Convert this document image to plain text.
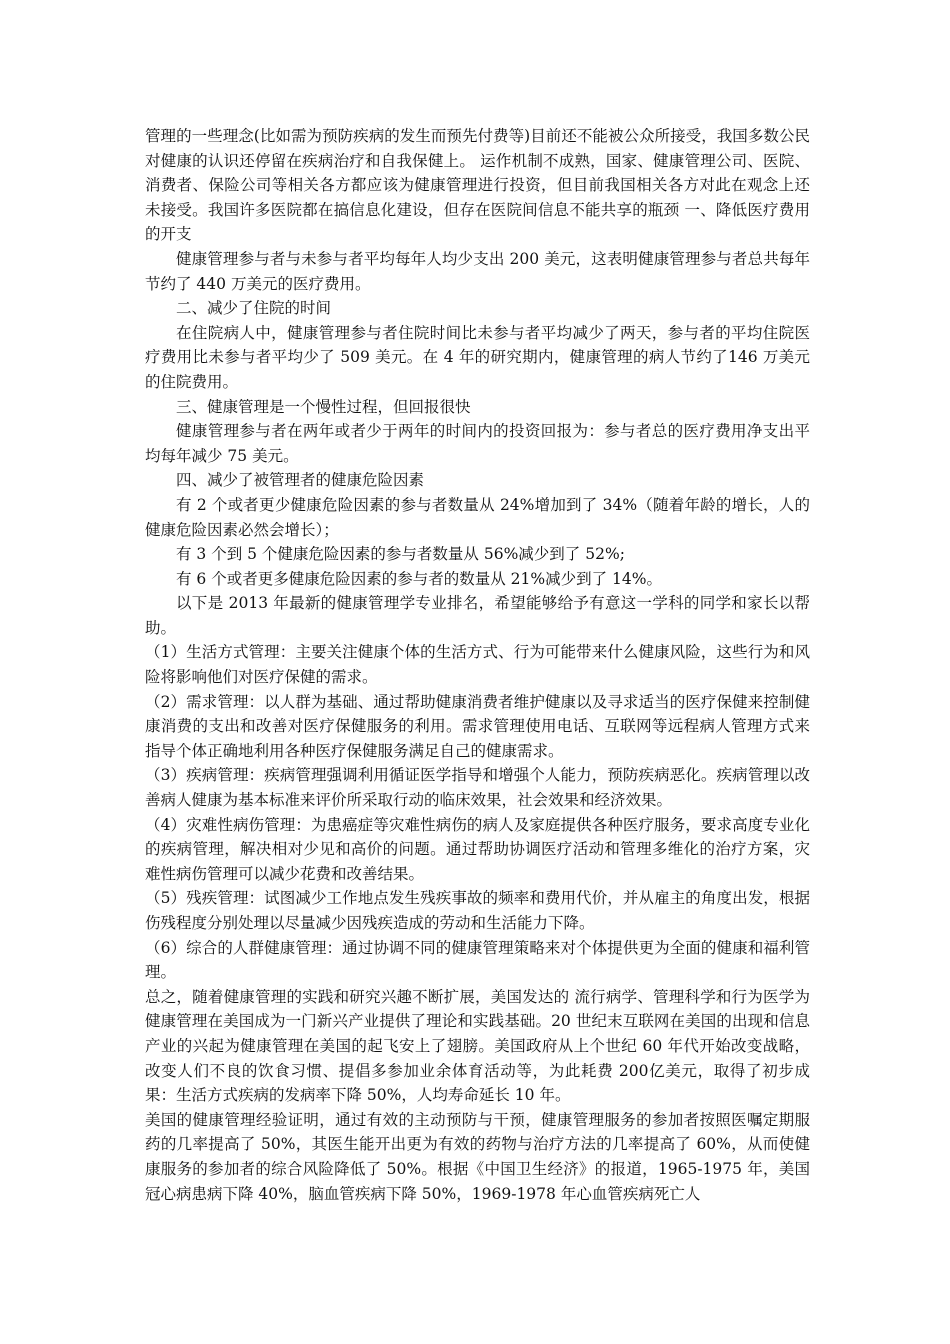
管理的一些理念(比如需为预防疾病的发生而预先付费等)目前还不能被公众所接受，我国多数公民对健康的认识还停留在疾病治疗和自我保健上。 运作机制不成熟，国家、健康管理公司、医院、消费者、保险公司等相关各方都应该为健康管理进行投资，但目前我国相关各方对此在观念上还未接受。我国许多医院都在搞信息化建设，但存在医院间信息不能共享的瓶颈 一、降低医疗费用的开支

健康管理参与者与未参与者平均每年人均少支出 200 美元，这表明健康管理参与者总共每年节约了 440 万美元的医疗费用。

二、减少了住院的时间

在住院病人中，健康管理参与者住院时间比未参与者平均减少了两天，参与者的平均住院医疗费用比未参与者平均少了 509 美元。在 4 年的研究期内，健康管理的病人节约了146 万美元的住院费用。

三、健康管理是一个慢性过程，但回报很快

健康管理参与者在两年或者少于两年的时间内的投资回报为：参与者总的医疗费用净支出平均每年减少 75 美元。

四、减少了被管理者的健康危险因素

有 2 个或者更少健康危险因素的参与者数量从 24%增加到了 34%（随着年龄的增长，人的健康危险因素必然会增长）；

有 3 个到 5 个健康危险因素的参与者数量从 56%减少到了 52%;

有 6 个或者更多健康危险因素的参与者的数量从 21%减少到了 14%。

以下是 2013 年最新的健康管理学专业排名，希望能够给予有意这一学科的同学和家长以帮助。

（1）生活方式管理：主要关注健康个体的生活方式、行为可能带来什么健康风险，这些行为和风险将影响他们对医疗保健的需求。

（2）需求管理：以人群为基础、通过帮助健康消费者维护健康以及寻求适当的医疗保健来控制健康消费的支出和改善对医疗保健服务的利用。需求管理使用电话、互联网等远程病人管理方式来指导个体正确地利用各种医疗保健服务满足自己的健康需求。

（3）疾病管理：疾病管理强调利用循证医学指导和增强个人能力，预防疾病恶化。疾病管理以改善病人健康为基本标准来评价所采取行动的临床效果，社会效果和经济效果。

（4）灾难性病伤管理：为患癌症等灾难性病伤的病人及家庭提供各种医疗服务，要求高度专业化的疾病管理，解决相对少见和高价的问题。通过帮助协调医疗活动和管理多维化的治疗方案，灾难性病伤管理可以减少花费和改善结果。

（5）残疾管理：试图减少工作地点发生残疾事故的频率和费用代价，并从雇主的角度出发，根据伤残程度分别处理以尽量减少因残疾造成的劳动和生活能力下降。

（6）综合的人群健康管理：通过协调不同的健康管理策略来对个体提供更为全面的健康和福利管理。

总之，随着健康管理的实践和研究兴趣不断扩展，美国发达的 流行病学、管理科学和行为医学为健康管理在美国成为一门新兴产业提供了理论和实践基础。20 世纪末互联网在美国的出现和信息产业的兴起为健康管理在美国的起飞安上了翅膀。美国政府从上个世纪 60 年代开始改变战略，改变人们不良的饮食习惯、提倡多参加业余体育活动等，为此耗费 200亿美元，取得了初步成果：生活方式疾病的发病率下降 50%，人均寿命延长 10 年。

美国的健康管理经验证明，通过有效的主动预防与干预，健康管理服务的参加者按照医嘱定期服药的几率提高了 50%，其医生能开出更为有效的药物与治疗方法的几率提高了 60%，从而使健康服务的参加者的综合风险降低了 50%。根据《中国卫生经济》的报道，1965-1975 年，美国冠心病患病下降 40%，脑血管疾病下降 50%，1969-1978 年心血管疾病死亡人
